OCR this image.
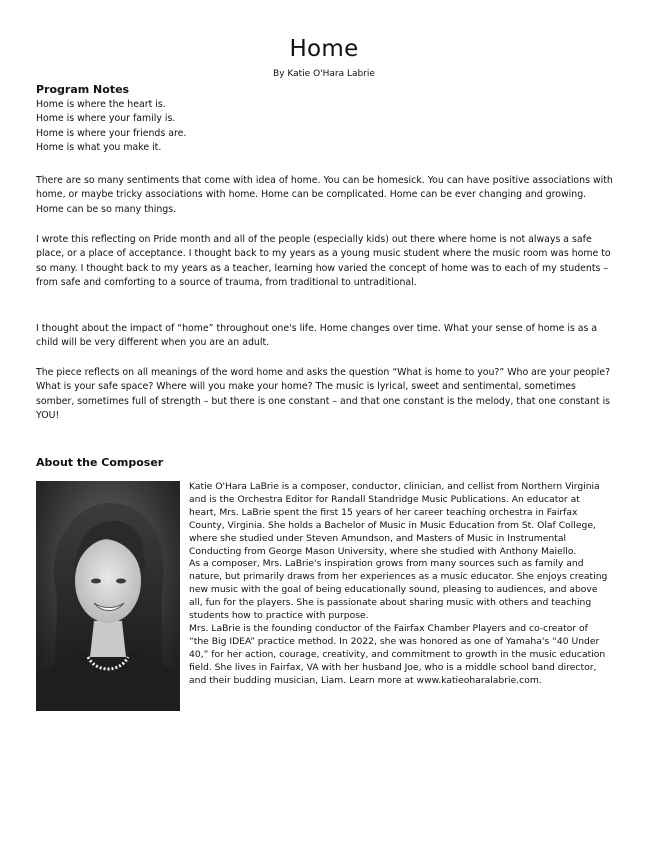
Home
By Katie O'Hara Labrie
Program Notes

Home is where the heart is.

Home is where your family is.

Home is where your friends are.

Home is what you make it.

There are so many sentiments that come with idea of home. You can be homesick. You can have positive associations with home, or maybe tricky associations with home. Home can be complicated. Home can be ever changing and growing. Home can be so many things.

I wrote this reflecting on Pride month and all of the people (especially kids) out there where home is not always a safe place, or a place of acceptance. I thought back to my years as a young music student where the music room was home to so many. I thought back to my years as a teacher, learning how varied the concept of home was to each of my students – from safe and comforting to a source of trauma, from traditional to untraditional.

I thought about the impact of “home” throughout one's life. Home changes over time. What your sense of home is as a child will be very different when you are an adult.

The piece reflects on all meanings of the word home and asks the question “What is home to you?” Who are your people? What is your safe space? Where will you make your home? The music is lyrical, sweet and sentimental, sometimes somber, sometimes full of strength – but there is one constant – and that one constant is the melody, that one constant is YOU!

About the Composer

Katie O'Hara LaBrie is a composer, conductor, clinician, and cellist from Northern Virginia and is the Orchestra Editor for Randall Standridge Music Publications. An educator at heart, Mrs. LaBrie spent the first 15 years of her career teaching orchestra in Fairfax County, Virginia. She holds a Bachelor of Music in Music Education from St. Olaf College, where she studied under Steven Amundson, and Masters of Music in Instrumental Conducting from George Mason University, where she studied with Anthony Maiello.

As a composer, Mrs. LaBrie's inspiration grows from many sources such as family and nature, but primarily draws from her experiences as a music educator. She enjoys creating new music with the goal of being educationally sound, pleasing to audiences, and above all, fun for the players. She is passionate about sharing music with others and teaching students how to practice with purpose.

Mrs. LaBrie is the founding conductor of the Fairfax Chamber Players and co-creator of “the Big IDEA” practice method. In 2022, she was honored as one of Yamaha's “40 Under 40,” for her action, courage, creativity, and commitment to growth in the music education field. She lives in Fairfax, VA with her husband Joe, who is a middle school band director, and their budding musician, Liam. Learn more at www.katieoharalabrie.com.
